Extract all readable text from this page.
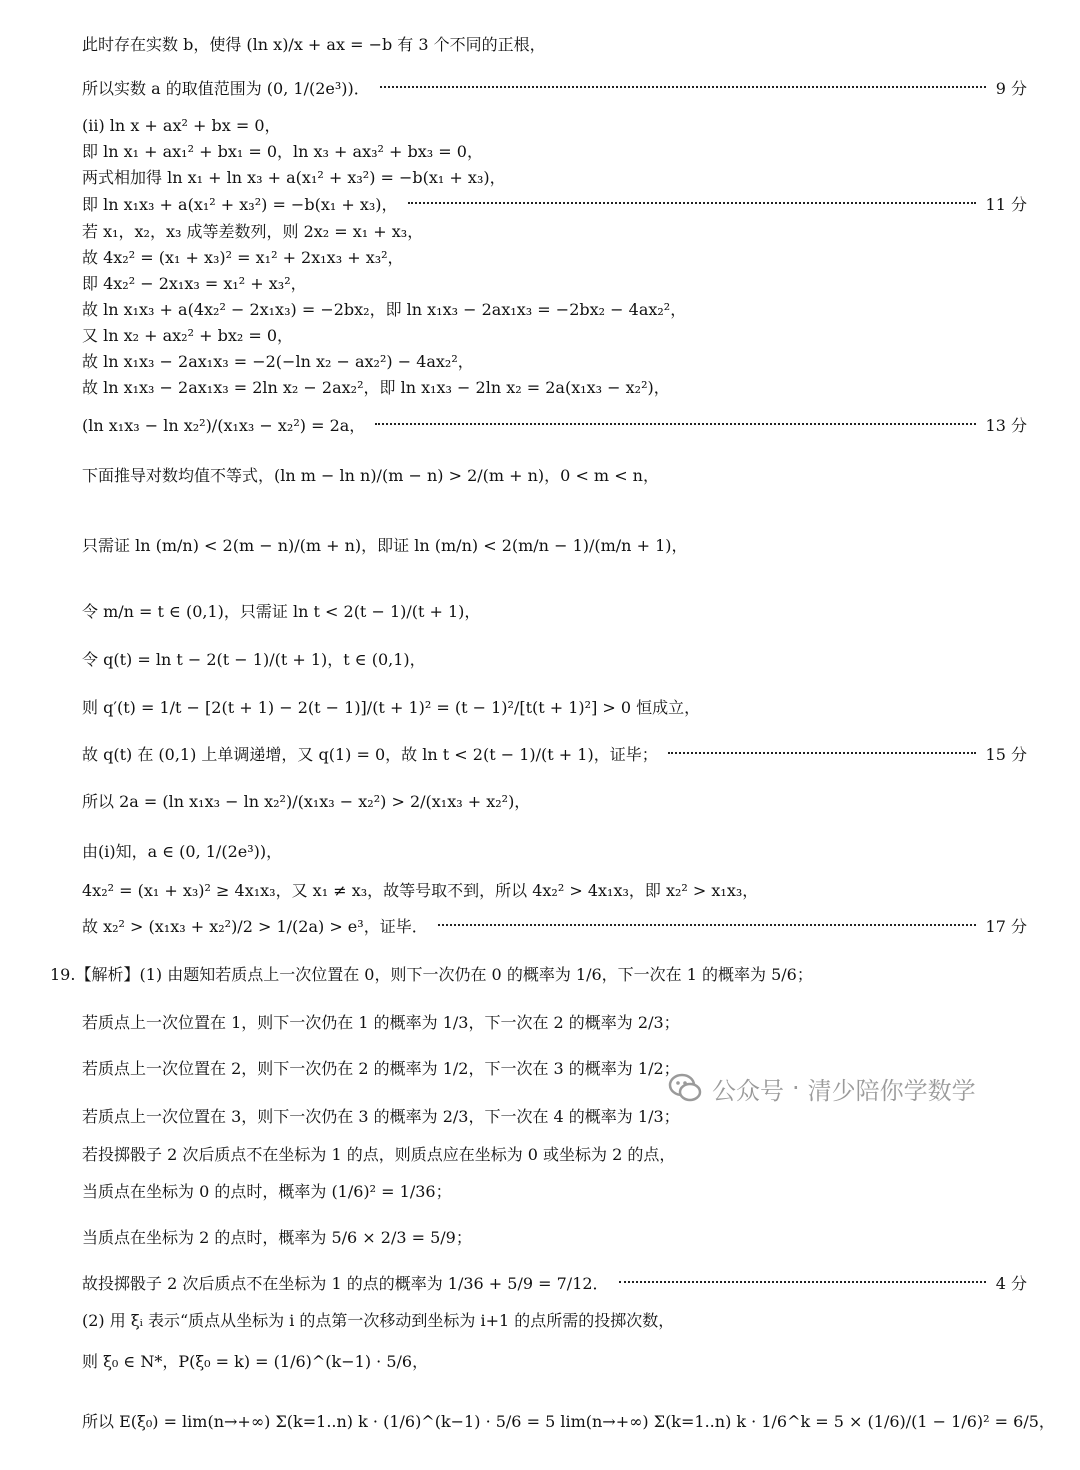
此时存在实数 b，使得 (ln x)/x + ax = −b 有 3 个不同的正根，
所以实数 a 的取值范围为 (0, 1/(2e³))．	9 分
(ⅱ) ln x + ax² + bx = 0，
即 ln x₁ + ax₁² + bx₁ = 0，ln x₃ + ax₃² + bx₃ = 0，
两式相加得 ln x₁ + ln x₃ + a(x₁² + x₃²) = −b(x₁ + x₃)，
即 ln x₁x₃ + a(x₁² + x₃²) = −b(x₁ + x₃)，	11 分
若 x₁，x₂，x₃ 成等差数列，则 2x₂ = x₁ + x₃，
故 4x₂² = (x₁ + x₃)² = x₁² + 2x₁x₃ + x₃²，
即 4x₂² − 2x₁x₃ = x₁² + x₃²，
故 ln x₁x₃ + a(4x₂² − 2x₁x₃) = −2bx₂，即 ln x₁x₃ − 2ax₁x₃ = −2bx₂ − 4ax₂²，
又 ln x₂ + ax₂² + bx₂ = 0，
故 ln x₁x₃ − 2ax₁x₃ = −2(−ln x₂ − ax₂²) − 4ax₂²，
故 ln x₁x₃ − 2ax₁x₃ = 2ln x₂ − 2ax₂²，即 ln x₁x₃ − 2ln x₂ = 2a(x₁x₃ − x₂²)，
(ln x₁x₃ − ln x₂²)/(x₁x₃ − x₂²) = 2a，	13 分
下面推导对数均值不等式，(ln m − ln n)/(m − n) > 2/(m + n)，0 < m < n，
只需证 ln (m/n) < 2(m − n)/(m + n)，即证 ln (m/n) < 2(m/n − 1)/(m/n + 1)，
令 m/n = t ∈ (0,1)，只需证 ln t < 2(t − 1)/(t + 1)，
令 q(t) = ln t − 2(t − 1)/(t + 1)，t ∈ (0,1)，
则 q′(t) = 1/t − [2(t + 1) − 2(t − 1)]/(t + 1)² = (t − 1)²/[t(t + 1)²] > 0 恒成立，
故 q(t) 在 (0,1) 上单调递增，又 q(1) = 0，故 ln t < 2(t − 1)/(t + 1)，证毕；	15 分
所以 2a = (ln x₁x₃ − ln x₂²)/(x₁x₃ − x₂²) > 2/(x₁x₃ + x₂²)，
由(ⅰ)知，a ∈ (0, 1/(2e³))，
4x₂² = (x₁ + x₃)² ≥ 4x₁x₃，又 x₁ ≠ x₃，故等号取不到，所以 4x₂² > 4x₁x₃，即 x₂² > x₁x₃，
故 x₂² > (x₁x₃ + x₂²)/2 > 1/(2a) > e³，证毕．	17 分
19.【解析】(1) 由题知若质点上一次位置在 0，则下一次仍在 0 的概率为 1/6，下一次在 1 的概率为 5/6；
若质点上一次位置在 1，则下一次仍在 1 的概率为 1/3，下一次在 2 的概率为 2/3；
若质点上一次位置在 2，则下一次仍在 2 的概率为 1/2，下一次在 3 的概率为 1/2；
若质点上一次位置在 3，则下一次仍在 3 的概率为 2/3，下一次在 4 的概率为 1/3；
若投掷骰子 2 次后质点不在坐标为 1 的点，则质点应在坐标为 0 或坐标为 2 的点，
当质点在坐标为 0 的点时，概率为 (1/6)² = 1/36；
当质点在坐标为 2 的点时，概率为 5/6 × 2/3 = 5/9；
故投掷骰子 2 次后质点不在坐标为 1 的点的概率为 1/36 + 5/9 = 7/12．	4 分
(2) 用 ξᵢ 表示“质点从坐标为 i 的点第一次移动到坐标为 i+1 的点所需的投掷次数，
则 ξ₀ ∈ N*，P(ξ₀ = k) = (1/6)^(k−1) · 5/6，
所以 E(ξ₀) = lim(n→+∞) Σ(k=1..n) k · (1/6)^(k−1) · 5/6 = 5 lim(n→+∞) Σ(k=1..n) k · 1/6^k = 5 × (1/6)/(1 − 1/6)² = 6/5，
公众号 · 清少陪你学数学
